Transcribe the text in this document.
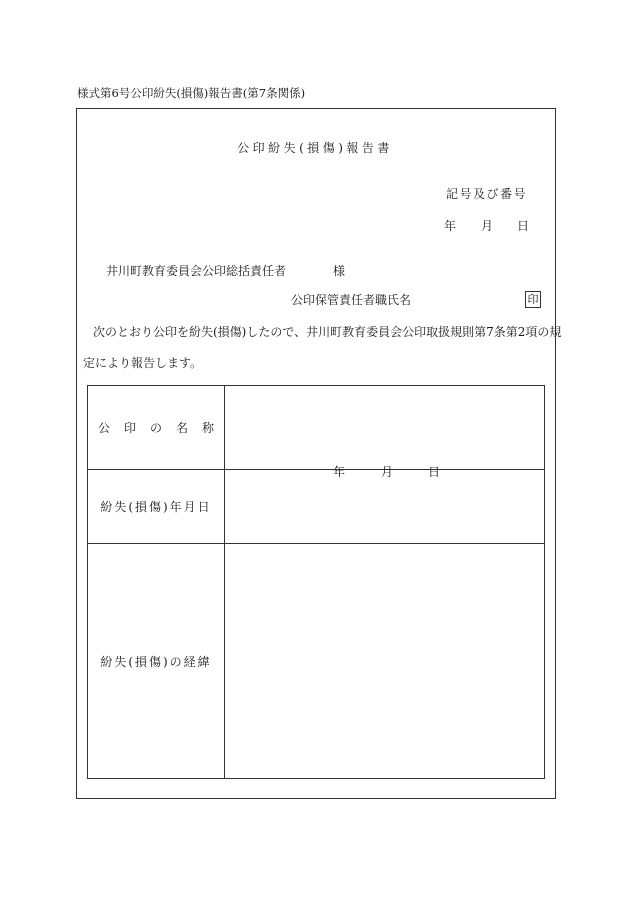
様式第6号公印紛失(損傷)報告書(第7条関係)
公印紛失(損傷)報告書
記号及び番号
年 月 日
井川町教育委員会公印総括責任者	様
公印保管責任者職氏名	印
次のとおり公印を紛失(損傷)したので、井川町教育委員会公印取扱規則第7条第2項の規
定により報告します。
公印の名称	
紛失(損傷)年月日	年 月 日

紛失(損傷)の経緯	
